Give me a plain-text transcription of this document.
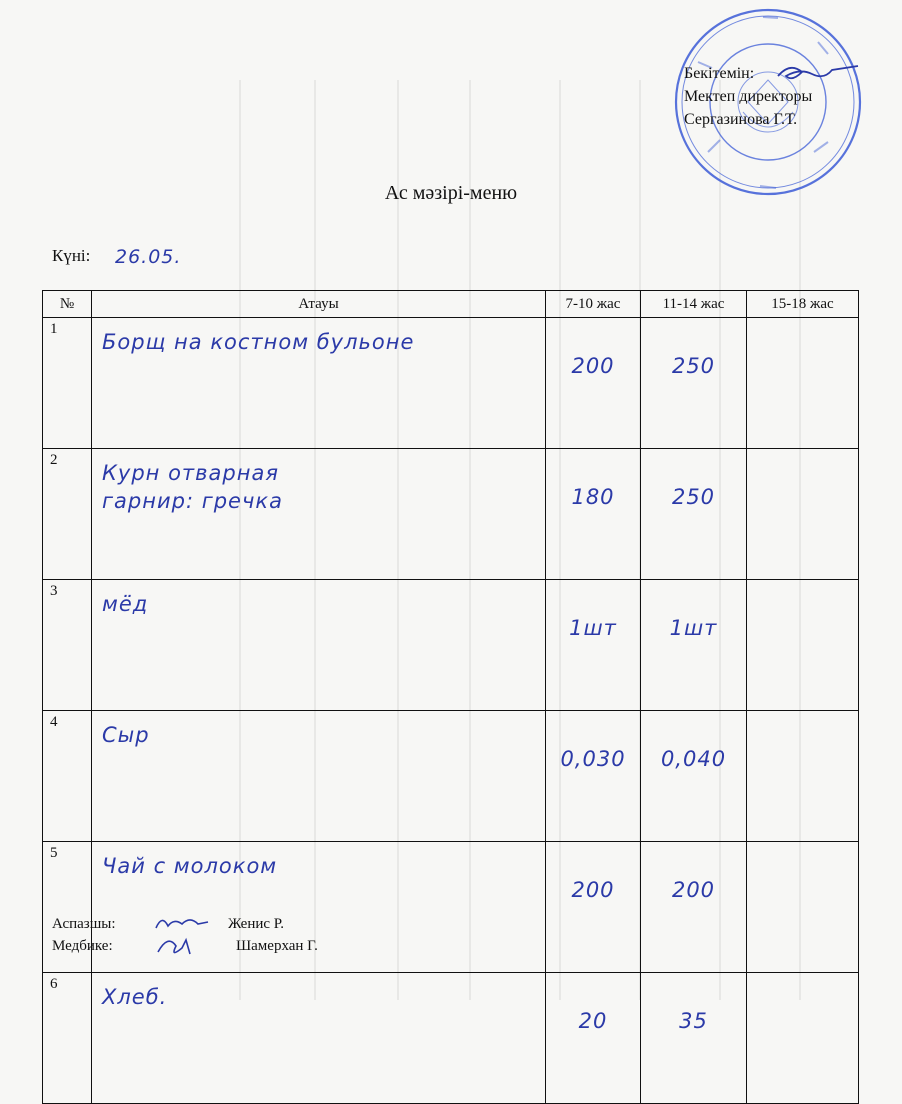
Бекітемін:
Мектеп директоры
Сергазинова Г.Т.
Ас мәзірі-меню
Күні: 26.05.
№	Атауы	7-10 жас	11-14 жас	15-18 жас
1	Борщ на костном бульоне	200	250	
2	Курн отварная
гарнир: гречка	180	250	
3	мёд	1шт	1шт	
4	Сыр	0,030	0,040	
5	Чай с молоком	200	200	
6	Хлеб.	20	35	
Аспазшы:	Женис Р.
Медбике:	Шамерхан Г.
